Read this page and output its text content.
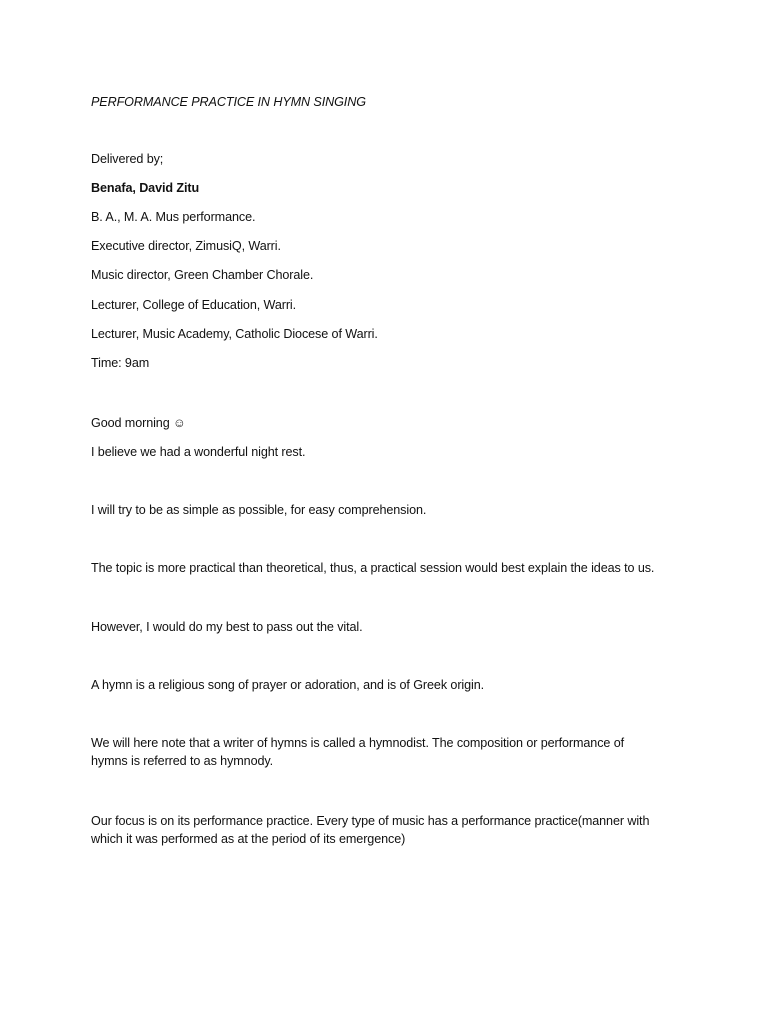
PERFORMANCE PRACTICE IN HYMN SINGING
Delivered by;
Benafa, David Zitu
B. A., M. A. Mus performance.
Executive director, ZimusiQ, Warri.
Music director, Green Chamber Chorale.
Lecturer, College of Education, Warri.
Lecturer, Music Academy, Catholic Diocese of Warri.
Time: 9am
Good morning ☺
I believe we had a wonderful night rest.
I will try to be as simple as possible, for easy comprehension.
The topic is more practical than theoretical, thus, a practical session would best explain the ideas to us.
However, I would do my best to pass out the vital.
A hymn is a religious song of prayer or adoration, and is of Greek origin.
We will here note that a writer of hymns is called a hymnodist. The composition or performance of
hymns is referred to as hymnody.
Our focus is on its performance practice. Every type of music has a performance practice(manner with
which it was performed as at the period of its emergence)
